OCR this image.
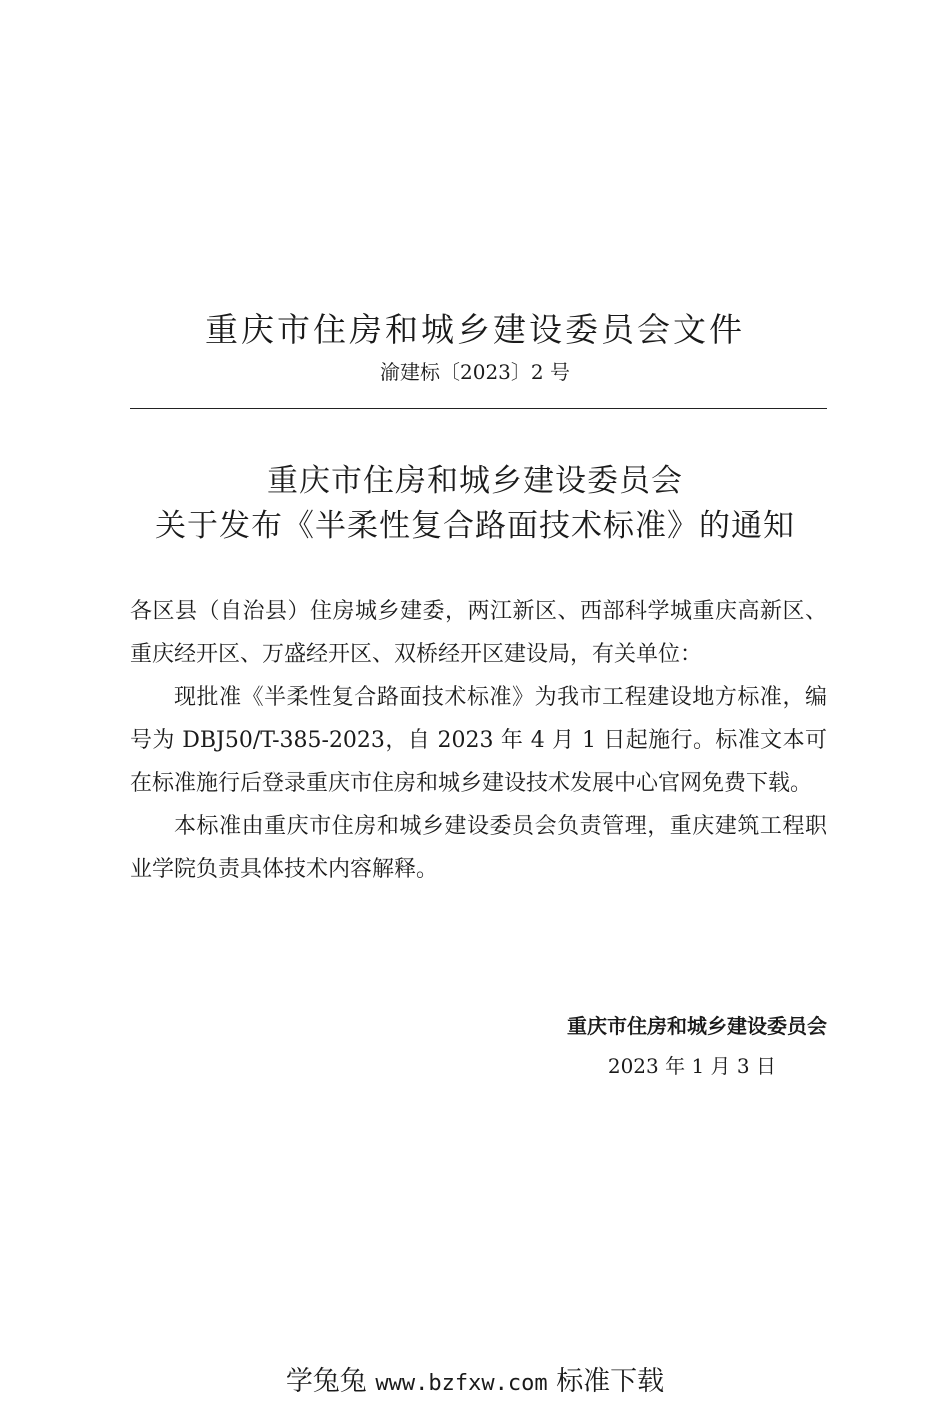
重庆市住房和城乡建设委员会文件
渝建标〔2023〕2 号
重庆市住房和城乡建设委员会
关于发布《半柔性复合路面技术标准》的通知

各区县（自治县）住房城乡建委，两江新区、西部科学城重庆高新区、重庆经开区、万盛经开区、双桥经开区建设局，有关单位：

现批准《半柔性复合路面技术标准》为我市工程建设地方标准，编号为 DBJ50/T-385-2023，自 2023 年 4 月 1 日起施行。标准文本可在标准施行后登录重庆市住房和城乡建设技术发展中心官网免费下载。

本标准由重庆市住房和城乡建设委员会负责管理，重庆建筑工程职业学院负责具体技术内容解释。

重庆市住房和城乡建设委员会
2023 年 1 月 3 日
学兔兔 www.bzfxw.com 标准下载
